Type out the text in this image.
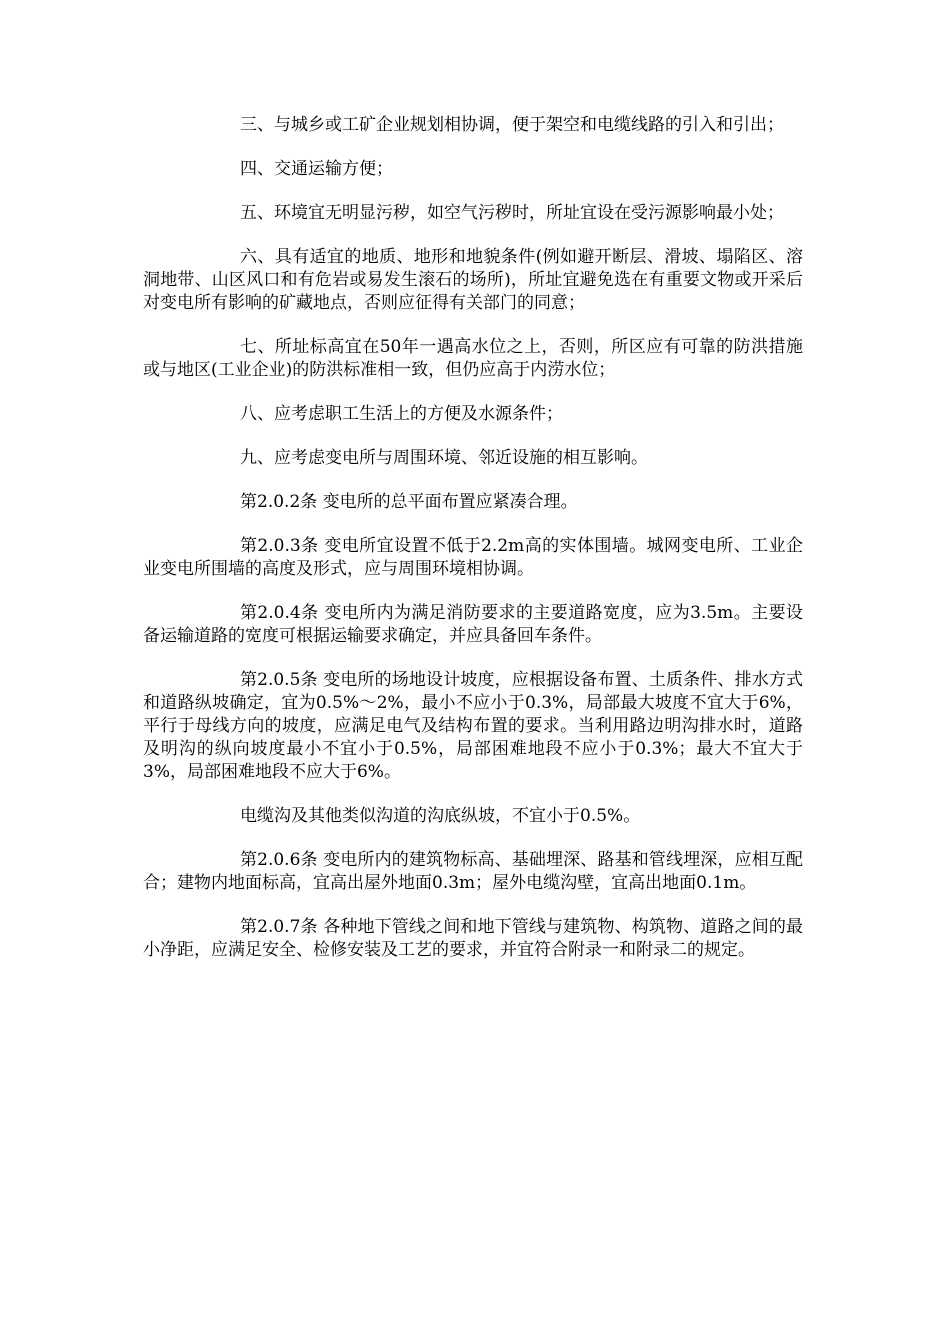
三、与城乡或工矿企业规划相协调，便于架空和电缆线路的引入和引出；

四、交通运输方便；

五、环境宜无明显污秽，如空气污秽时，所址宜设在受污源影响最小处；

六、具有适宜的地质、地形和地貌条件(例如避开断层、滑坡、塌陷区、溶洞地带、山区风口和有危岩或易发生滚石的场所)，所址宜避免选在有重要文物或开采后对变电所有影响的矿藏地点，否则应征得有关部门的同意；

七、所址标高宜在50年一遇高水位之上，否则，所区应有可靠的防洪措施或与地区(工业企业)的防洪标准相一致，但仍应高于内涝水位；

八、应考虑职工生活上的方便及水源条件；

九、应考虑变电所与周围环境、邻近设施的相互影响。

第2.0.2条 变电所的总平面布置应紧凑合理。

第2.0.3条 变电所宜设置不低于2.2m高的实体围墙。城网变电所、工业企业变电所围墙的高度及形式，应与周围环境相协调。

第2.0.4条 变电所内为满足消防要求的主要道路宽度，应为3.5m。主要设备运输道路的宽度可根据运输要求确定，并应具备回车条件。

第2.0.5条 变电所的场地设计坡度，应根据设备布置、土质条件、排水方式和道路纵坡确定，宜为0.5%～2%，最小不应小于0.3%，局部最大坡度不宜大于6%，平行于母线方向的坡度，应满足电气及结构布置的要求。当利用路边明沟排水时，道路及明沟的纵向坡度最小不宜小于0.5%，局部困难地段不应小于0.3%；最大不宜大于3%，局部困难地段不应大于6%。

电缆沟及其他类似沟道的沟底纵坡，不宜小于0.5%。

第2.0.6条 变电所内的建筑物标高、基础埋深、路基和管线埋深，应相互配合；建物内地面标高，宜高出屋外地面0.3m；屋外电缆沟壁，宜高出地面0.1m。

第2.0.7条 各种地下管线之间和地下管线与建筑物、构筑物、道路之间的最小净距，应满足安全、检修安装及工艺的要求，并宜符合附录一和附录二的规定。
